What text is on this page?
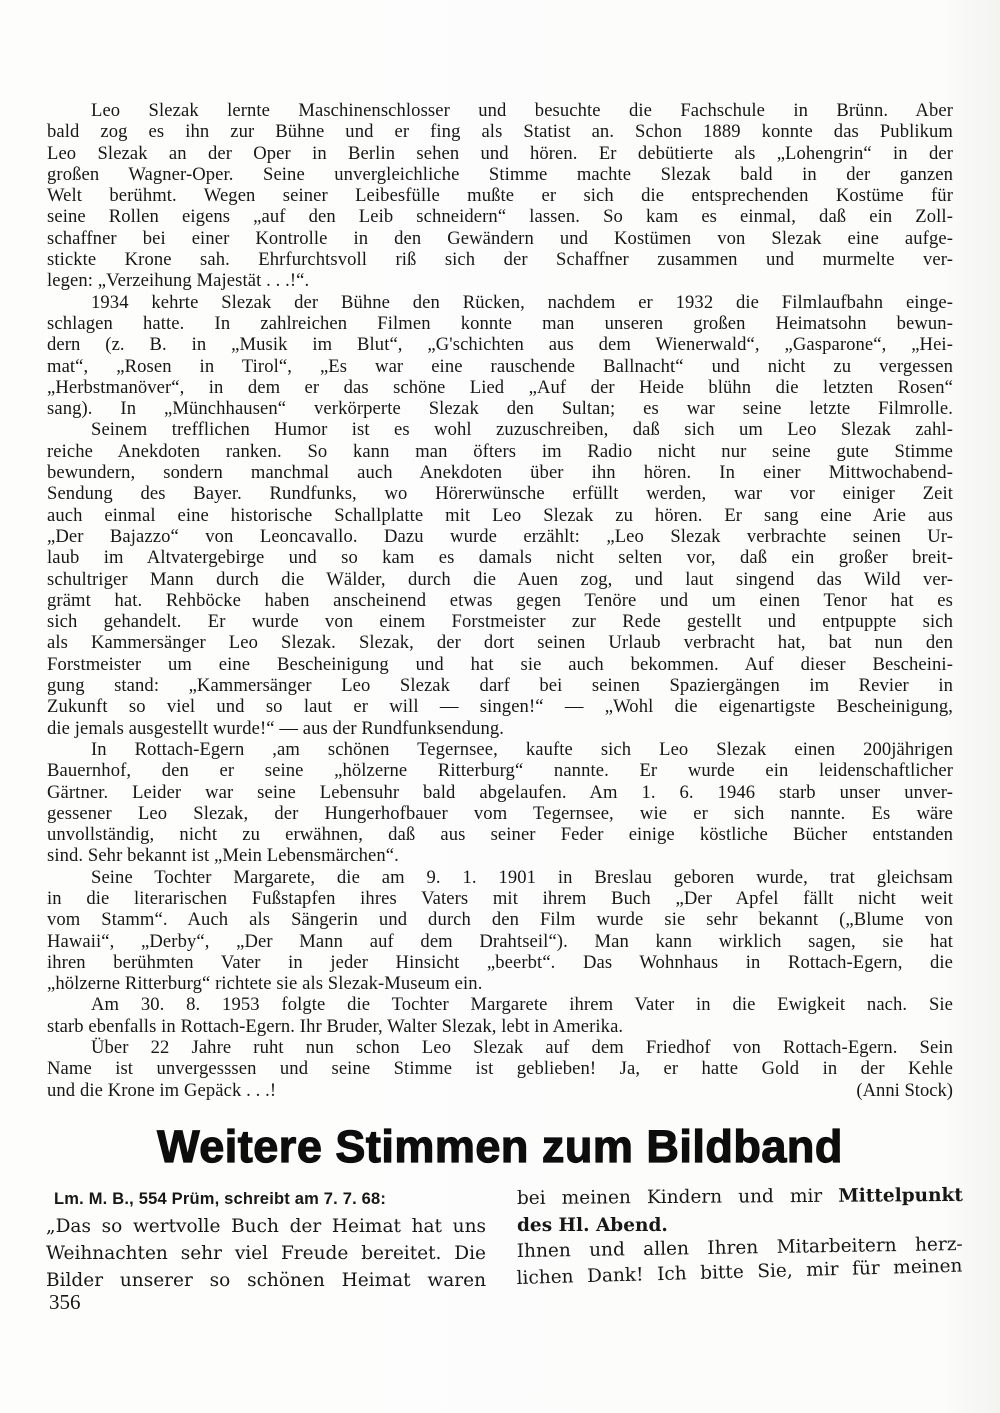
Leo Slezak lernte Maschinenschlosser und besuchte die Fachschule in Brünn. Aber
bald zog es ihn zur Bühne und er fing als Statist an. Schon 1889 konnte das Publikum
Leo Slezak an der Oper in Berlin sehen und hören. Er debütierte als „Lohengrin“ in der
großen Wagner-Oper. Seine unvergleichliche Stimme machte Slezak bald in der ganzen
Welt berühmt. Wegen seiner Leibesfülle mußte er sich die entsprechenden Kostüme für
seine Rollen eigens „auf den Leib schneidern“ lassen. So kam es einmal, daß ein Zoll-
schaffner bei einer Kontrolle in den Gewändern und Kostümen von Slezak eine aufge-
stickte Krone sah. Ehrfurchtsvoll riß sich der Schaffner zusammen und murmelte ver-
legen: „Verzeihung Majestät . . .!“.
1934 kehrte Slezak der Bühne den Rücken, nachdem er 1932 die Filmlaufbahn einge-
schlagen hatte. In zahlreichen Filmen konnte man unseren großen Heimatsohn bewun-
dern (z. B. in „Musik im Blut“, „G'schichten aus dem Wienerwald“, „Gasparone“, „Hei-
mat“, „Rosen in Tirol“, „Es war eine rauschende Ballnacht“ und nicht zu vergessen
„Herbstmanöver“, in dem er das schöne Lied „Auf der Heide blühn die letzten Rosen“
sang). In „Münchhausen“ verkörperte Slezak den Sultan; es war seine letzte Filmrolle.
Seinem trefflichen Humor ist es wohl zuzuschreiben, daß sich um Leo Slezak zahl-
reiche Anekdoten ranken. So kann man öfters im Radio nicht nur seine gute Stimme
bewundern, sondern manchmal auch Anekdoten über ihn hören. In einer Mittwochabend-
Sendung des Bayer. Rundfunks, wo Hörerwünsche erfüllt werden, war vor einiger Zeit
auch einmal eine historische Schallplatte mit Leo Slezak zu hören. Er sang eine Arie aus
„Der Bajazzo“ von Leoncavallo. Dazu wurde erzählt: „Leo Slezak verbrachte seinen Ur-
laub im Altvatergebirge und so kam es damals nicht selten vor, daß ein großer breit-
schultriger Mann durch die Wälder, durch die Auen zog, und laut singend das Wild ver-
grämt hat. Rehböcke haben anscheinend etwas gegen Tenöre und um einen Tenor hat es
sich gehandelt. Er wurde von einem Forstmeister zur Rede gestellt und entpuppte sich
als Kammersänger Leo Slezak. Slezak, der dort seinen Urlaub verbracht hat, bat nun den
Forstmeister um eine Bescheinigung und hat sie auch bekommen. Auf dieser Bescheini-
gung stand: „Kammersänger Leo Slezak darf bei seinen Spaziergängen im Revier in
Zukunft so viel und so laut er will — singen!“ — „Wohl die eigenartigste Bescheinigung,
die jemals ausgestellt wurde!“ — aus der Rundfunksendung.
In Rottach-Egern ,am schönen Tegernsee, kaufte sich Leo Slezak einen 200jährigen
Bauernhof, den er seine „hölzerne Ritterburg“ nannte. Er wurde ein leidenschaftlicher
Gärtner. Leider war seine Lebensuhr bald abgelaufen. Am 1. 6. 1946 starb unser unver-
gessener Leo Slezak, der Hungerhofbauer vom Tegernsee, wie er sich nannte. Es wäre
unvollständig, nicht zu erwähnen, daß aus seiner Feder einige köstliche Bücher entstanden
sind. Sehr bekannt ist „Mein Lebensmärchen“.
Seine Tochter Margarete, die am 9. 1. 1901 in Breslau geboren wurde, trat gleichsam
in die literarischen Fußstapfen ihres Vaters mit ihrem Buch „Der Apfel fällt nicht weit
vom Stamm“. Auch als Sängerin und durch den Film wurde sie sehr bekannt („Blume von
Hawaii“, „Derby“, „Der Mann auf dem Drahtseil“). Man kann wirklich sagen, sie hat
ihren berühmten Vater in jeder Hinsicht „beerbt“. Das Wohnhaus in Rottach-Egern, die
„hölzerne Ritterburg“ richtete sie als Slezak-Museum ein.
Am 30. 8. 1953 folgte die Tochter Margarete ihrem Vater in die Ewigkeit nach. Sie
starb ebenfalls in Rottach-Egern. Ihr Bruder, Walter Slezak, lebt in Amerika.
Über 22 Jahre ruht nun schon Leo Slezak auf dem Friedhof von Rottach-Egern. Sein
Name ist unvergesssen und seine Stimme ist geblieben! Ja, er hatte Gold in der Kehle
und die Krone im Gepäck . . .!	(Anni Stock)
Weitere Stimmen zum Bildband
Lm. M. B., 554 Prüm, schreibt am 7. 7. 68:
„Das so wertvolle Buch der Heimat hat uns
Weihnachten sehr viel Freude bereitet. Die
Bilder unserer so schönen Heimat waren
bei meinen Kindern und mir Mittelpunkt
des Hl. Abend.
Ihnen und allen Ihren Mitarbeitern herz-
lichen Dank! Ich bitte Sie, mir für meinen
356
